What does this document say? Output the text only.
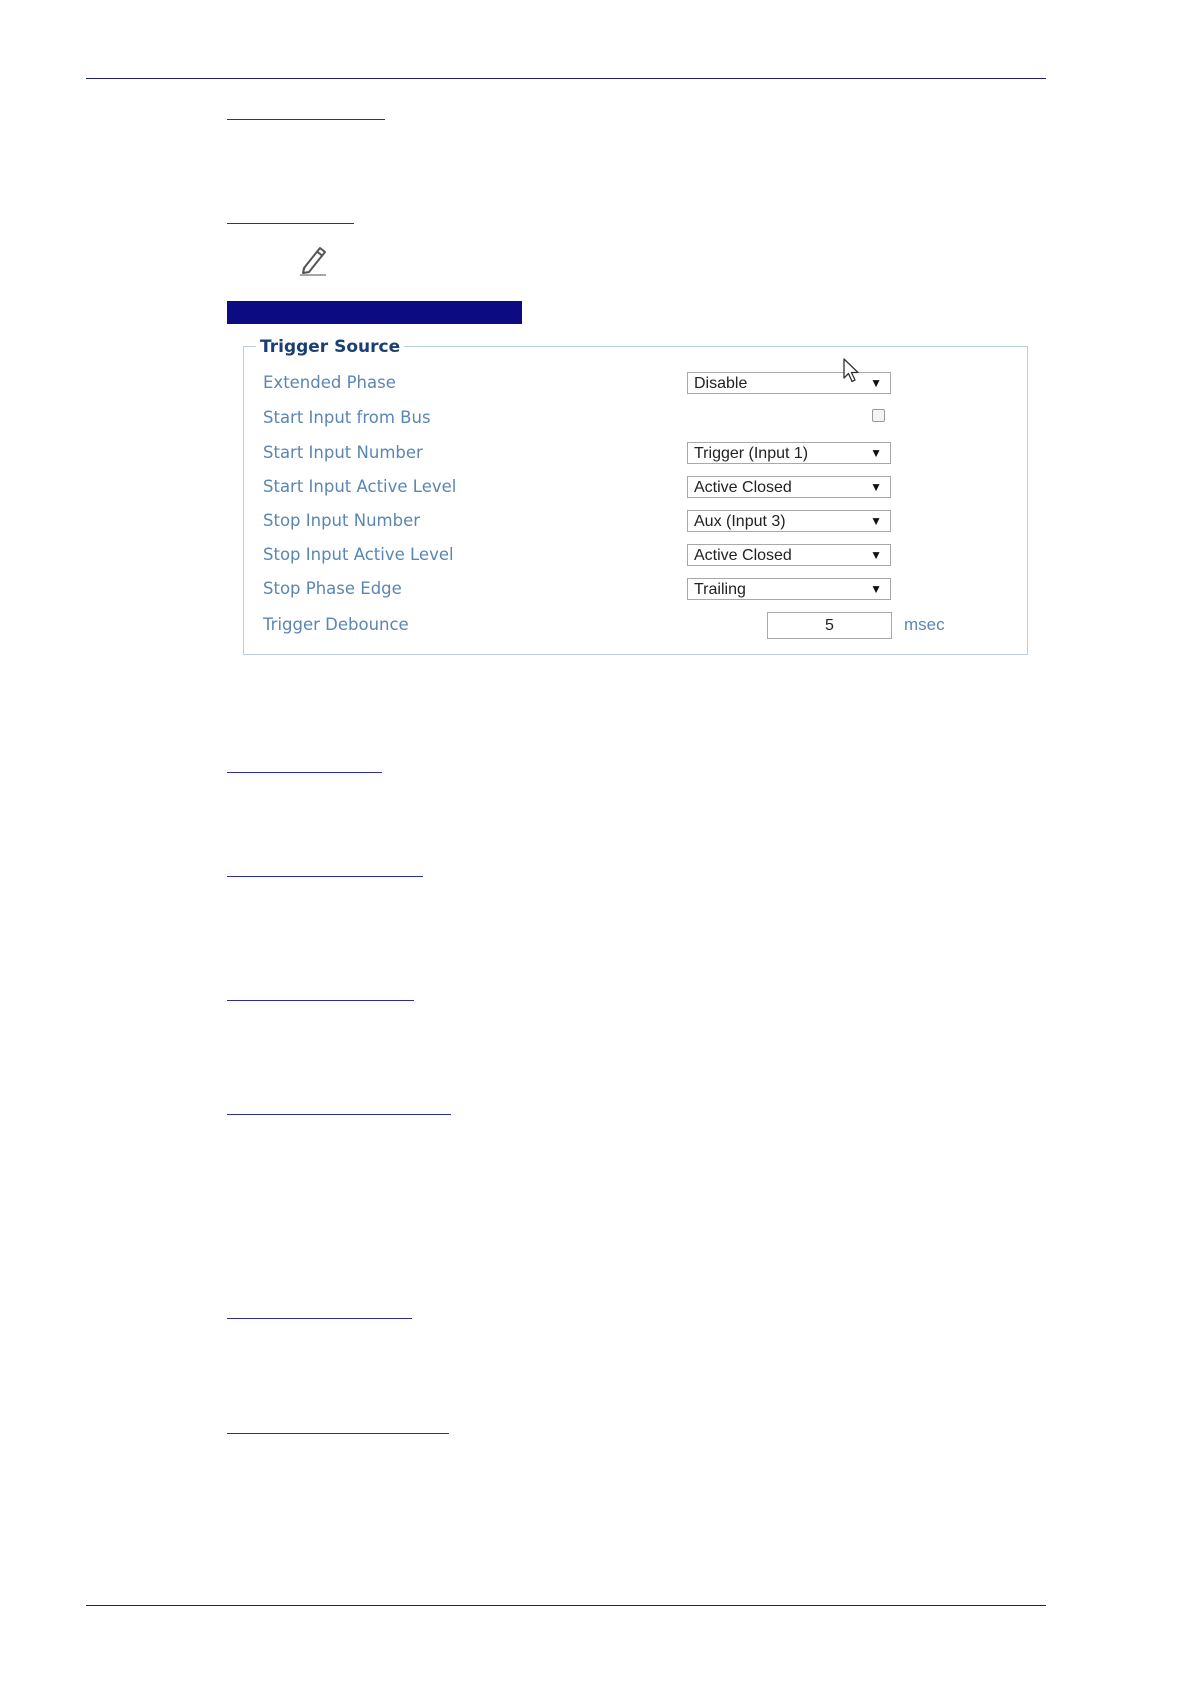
Trigger Source
Extended Phase	Disable	▼
Start Input from Bus
Start Input Number	Trigger (Input 1)	▼
Start Input Active Level	Active Closed	▼
Stop Input Number	Aux (Input 3)	▼
Stop Input Active Level	Active Closed	▼
Stop Phase Edge	Trailing	▼
Trigger Debounce	5	msec
